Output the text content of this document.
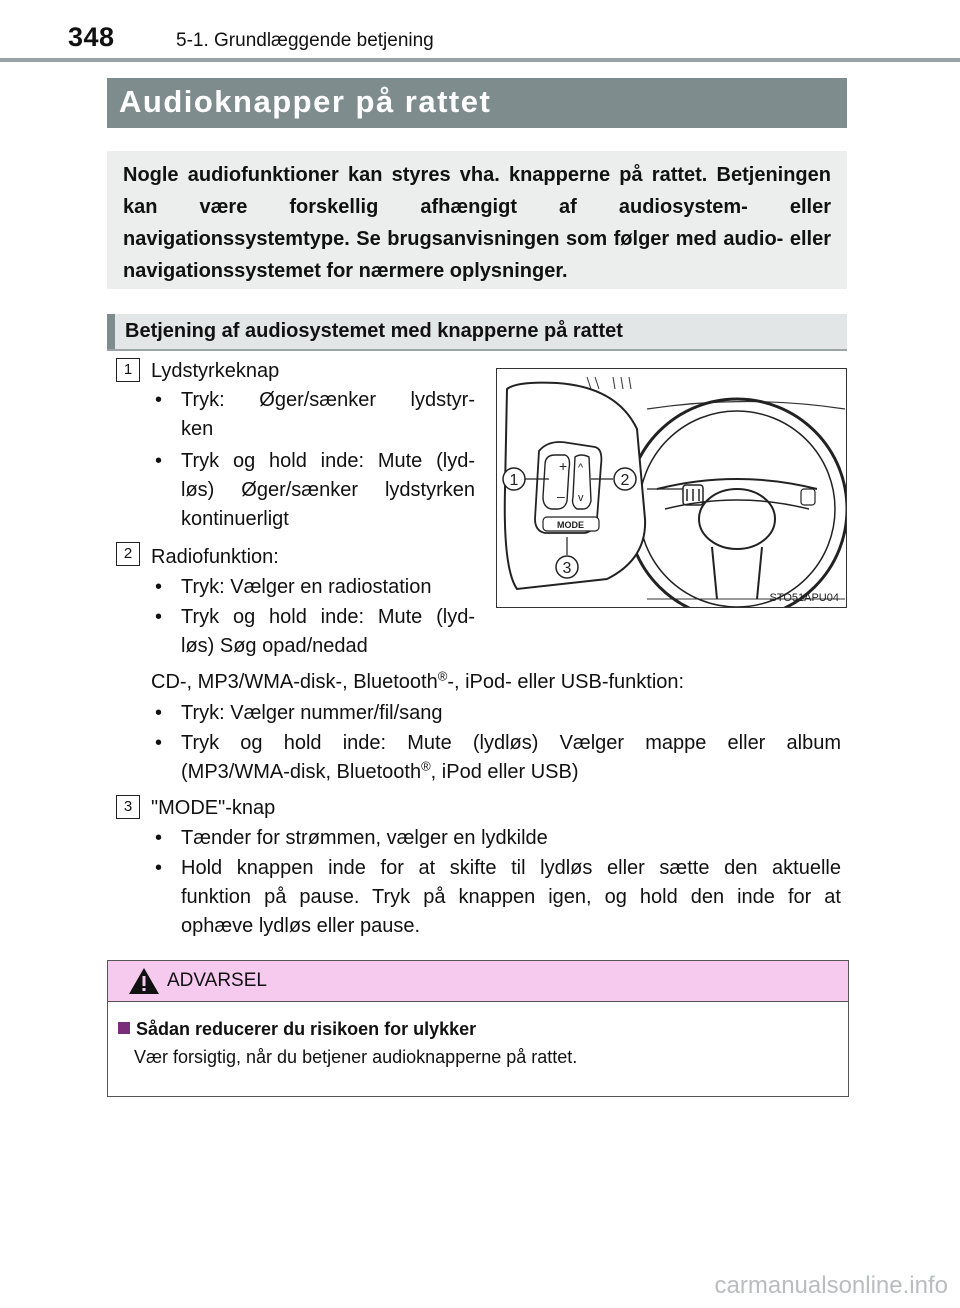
348	5-1. Grundlæggende betjening
Audioknapper på rattet

Nogle audiofunktioner kan styres vha. knapperne på rattet. Betjeningen kan være forskellig afhængigt af audiosystem- eller navigationssystemtype. Se brugsanvisningen som følger med audio- eller navigationssystemet for nærmere oplysninger.

Betjening af audiosystemet med knapperne på rattet
1 Lydstyrkeknap
• Tryk: Øger/sænker lydstyr-
ken
• Tryk og hold inde: Mute (lyd-
løs) Øger/sænker lydstyrken
kontinuerligt
2 Radiofunktion:
• Tryk: Vælger en radiostation
• Tryk og hold inde: Mute (lyd-
løs) Søg opad/nedad
CD-, MP3/WMA-disk-, Bluetooth®-, iPod- eller USB-funktion:
• Tryk: Vælger nummer/fil/sang
• Tryk og hold inde: Mute (lydløs) Vælger mappe eller album
(MP3/WMA-disk, Bluetooth®, iPod eller USB)
3 "MODE"-knap
• Tænder for strømmen, vælger en lydkilde
• Hold knappen inde for at skifte til lydløs eller sætte den aktuelle
funktion på pause. Tryk på knappen igen, og hold den inde for at
ophæve lydløs eller pause.
+
–
^
v
MODE
1	2
3
STO51APU04
ADVARSEL
Sådan reducerer du risikoen for ulykker
Vær forsigtig, når du betjener audioknapperne på rattet.
carmanualsonline.info
